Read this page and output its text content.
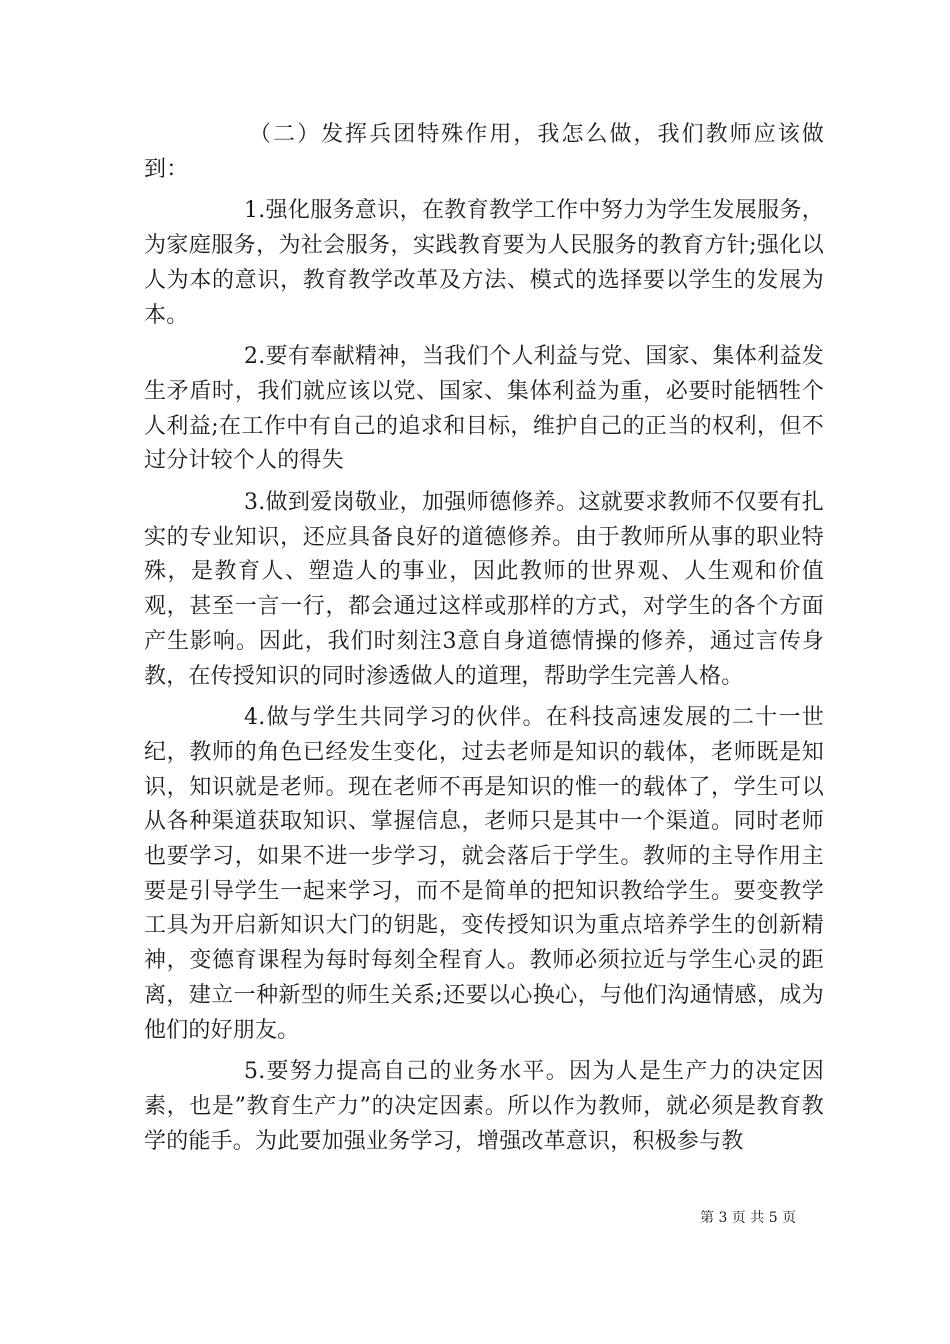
（二）发挥兵团特殊作用，我怎么做，我们教师应该做到：

1.强化服务意识，在教育教学工作中努力为学生发展服务，为家庭服务，为社会服务，实践教育要为人民服务的教育方针;强化以人为本的意识，教育教学改革及方法、模式的选择要以学生的发展为本。

2.要有奉献精神，当我们个人利益与党、国家、集体利益发生矛盾时，我们就应该以党、国家、集体利益为重，必要时能牺牲个人利益;在工作中有自己的追求和目标，维护自己的正当的权利，但不过分计较个人的得失

3.做到爱岗敬业，加强师德修养。这就要求教师不仅要有扎实的专业知识，还应具备良好的道德修养。由于教师所从事的职业特殊，是教育人、塑造人的事业，因此教师的世界观、人生观和价值观，甚至一言一行，都会通过这样或那样的方式，对学生的各个方面产生影响。因此，我们时刻注3意自身道德情操的修养，通过言传身教，在传授知识的同时渗透做人的道理，帮助学生完善人格。

4.做与学生共同学习的伙伴。在科技高速发展的二十一世纪，教师的角色已经发生变化，过去老师是知识的载体，老师既是知识，知识就是老师。现在老师不再是知识的惟一的载体了，学生可以从各种渠道获取知识、掌握信息，老师只是其中一个渠道。同时老师也要学习，如果不进一步学习，就会落后于学生。教师的主导作用主要是引导学生一起来学习，而不是简单的把知识教给学生。要变教学工具为开启新知识大门的钥匙，变传授知识为重点培养学生的创新精神，变德育课程为每时每刻全程育人。教师必须拉近与学生心灵的距离，建立一种新型的师生关系;还要以心换心，与他们沟通情感，成为他们的好朋友。

5.要努力提高自己的业务水平。因为人是生产力的决定因素，也是”教育生产力”的决定因素。所以作为教师，就必须是教育教学的能手。为此要加强业务学习，增强改革意识，积极参与教

第 3 页 共 5 页
